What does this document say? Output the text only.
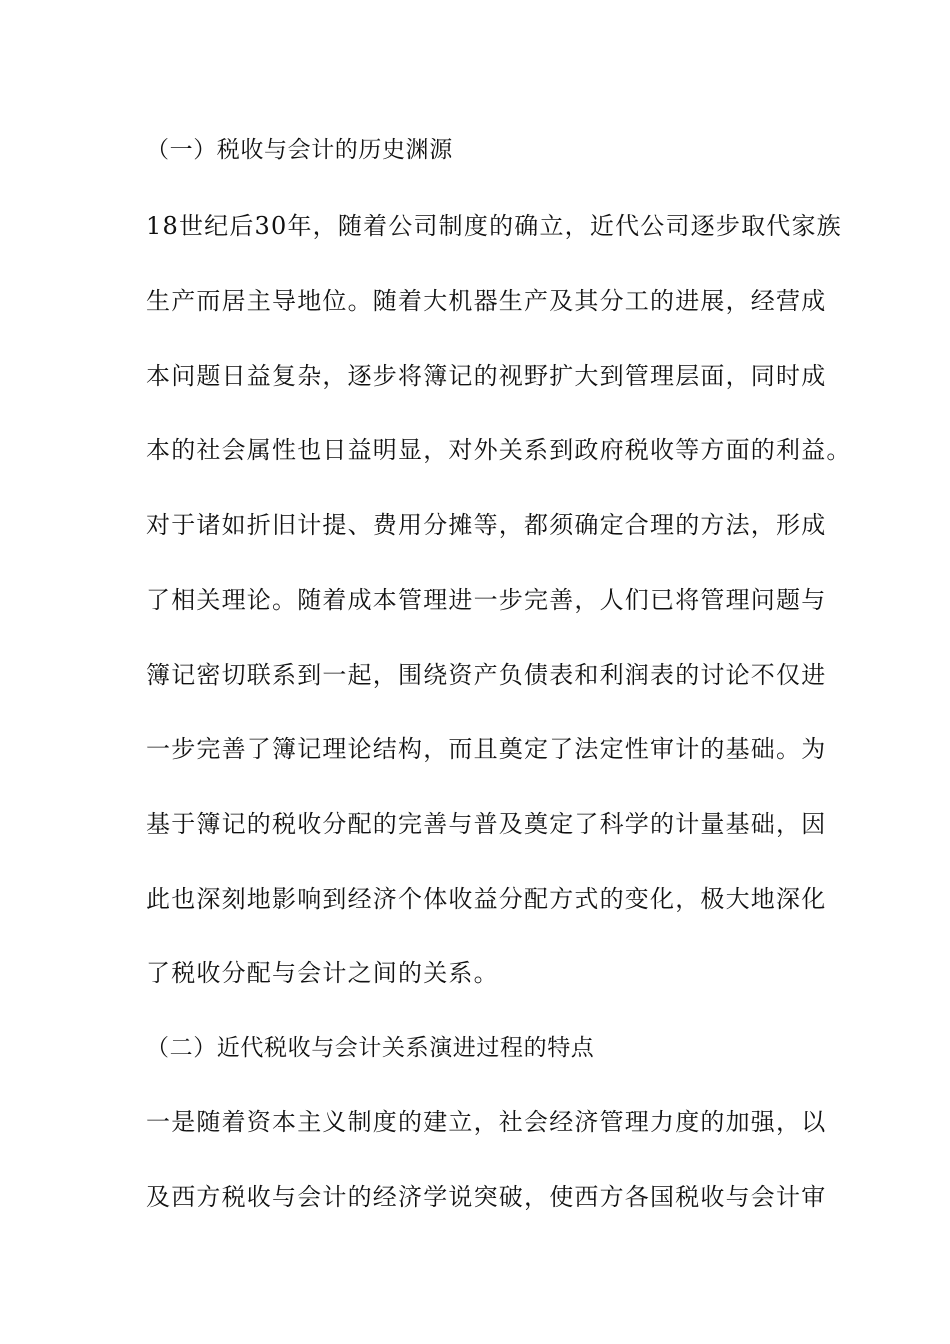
（一）税收与会计的历史渊源
18世纪后30年，随着公司制度的确立，近代公司逐步取代家族
生产而居主导地位。随着大机器生产及其分工的进展，经营成
本问题日益复杂，逐步将簿记的视野扩大到管理层面，同时成
本的社会属性也日益明显，对外关系到政府税收等方面的利益。
对于诸如折旧计提、费用分摊等，都须确定合理的方法，形成
了相关理论。随着成本管理进一步完善，人们已将管理问题与
簿记密切联系到一起，围绕资产负债表和利润表的讨论不仅进
一步完善了簿记理论结构，而且奠定了法定性审计的基础。为
基于簿记的税收分配的完善与普及奠定了科学的计量基础，因
此也深刻地影响到经济个体收益分配方式的变化，极大地深化
了税收分配与会计之间的关系。
（二）近代税收与会计关系演进过程的特点
一是随着资本主义制度的建立，社会经济管理力度的加强，以
及西方税收与会计的经济学说突破，使西方各国税收与会计审
